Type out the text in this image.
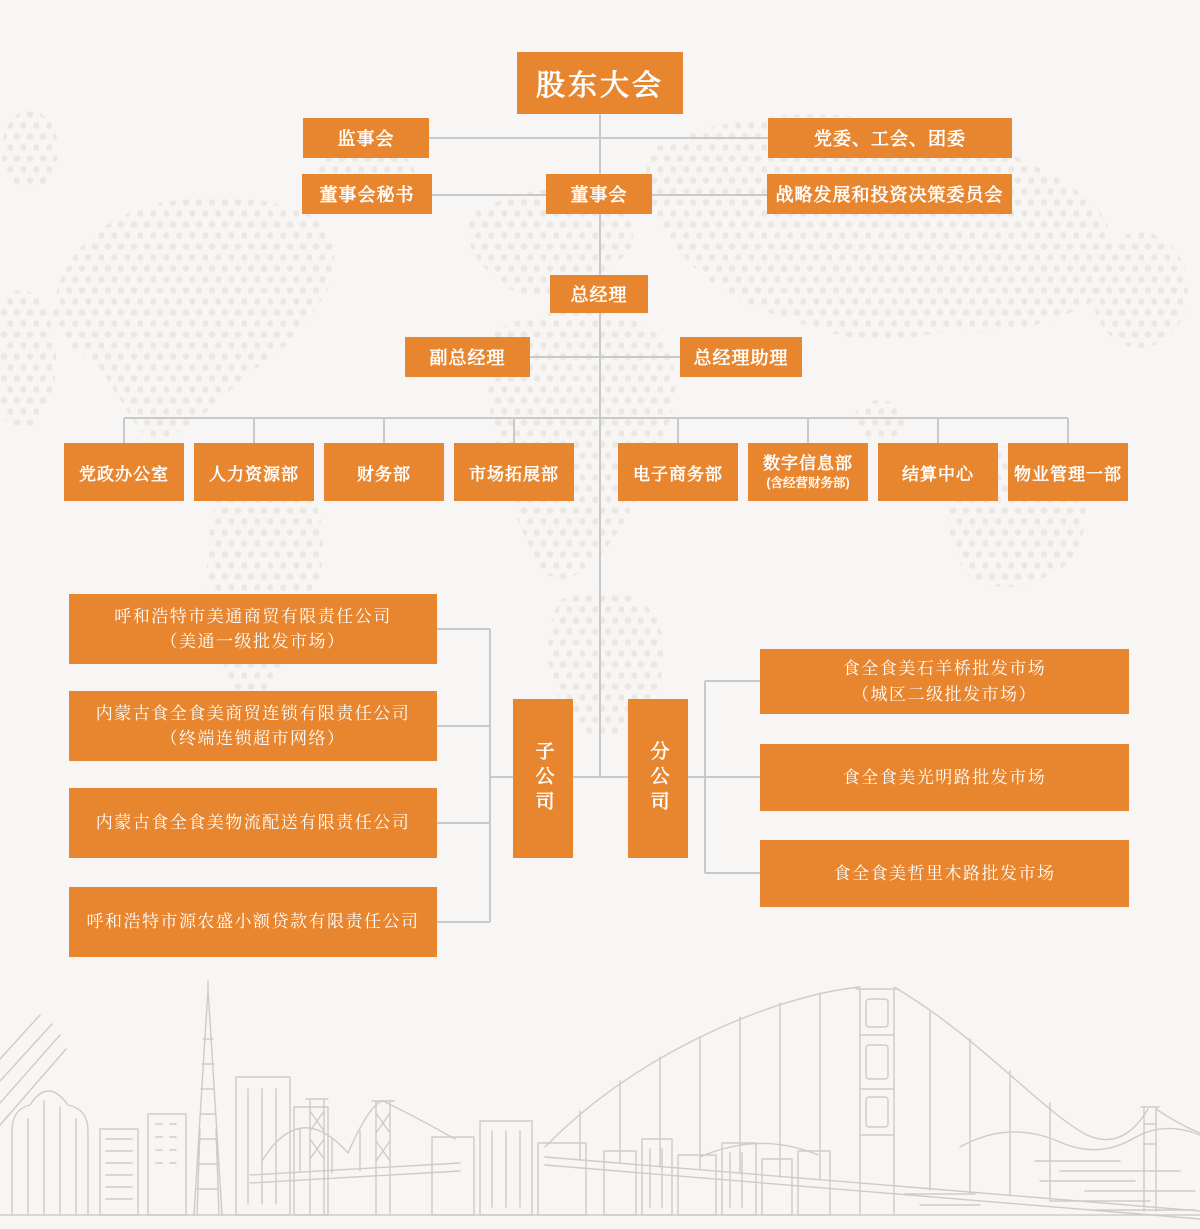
股东大会
监事会	党委、工会、团委
董事会秘书	董事会	战略发展和投资决策委员会
总经理
副总经理	总经理助理
党政办公室 人力资源部	财务部	市场拓展部	电子商务部
数字信息部
(含经营财务部)	结算中心 物业管理一部
呼和浩特市美通商贸有限责任公司
（美通一级批发市场）
内蒙古食全食美商贸连锁有限责任公司
（终端连锁超市网络）
内蒙古食全食美物流配送有限责任公司
呼和浩特市源农盛小额贷款有限责任公司
子公司	分公司
食全食美石羊桥批发市场
（城区二级批发市场）
食全食美光明路批发市场
食全食美哲里木路批发市场
